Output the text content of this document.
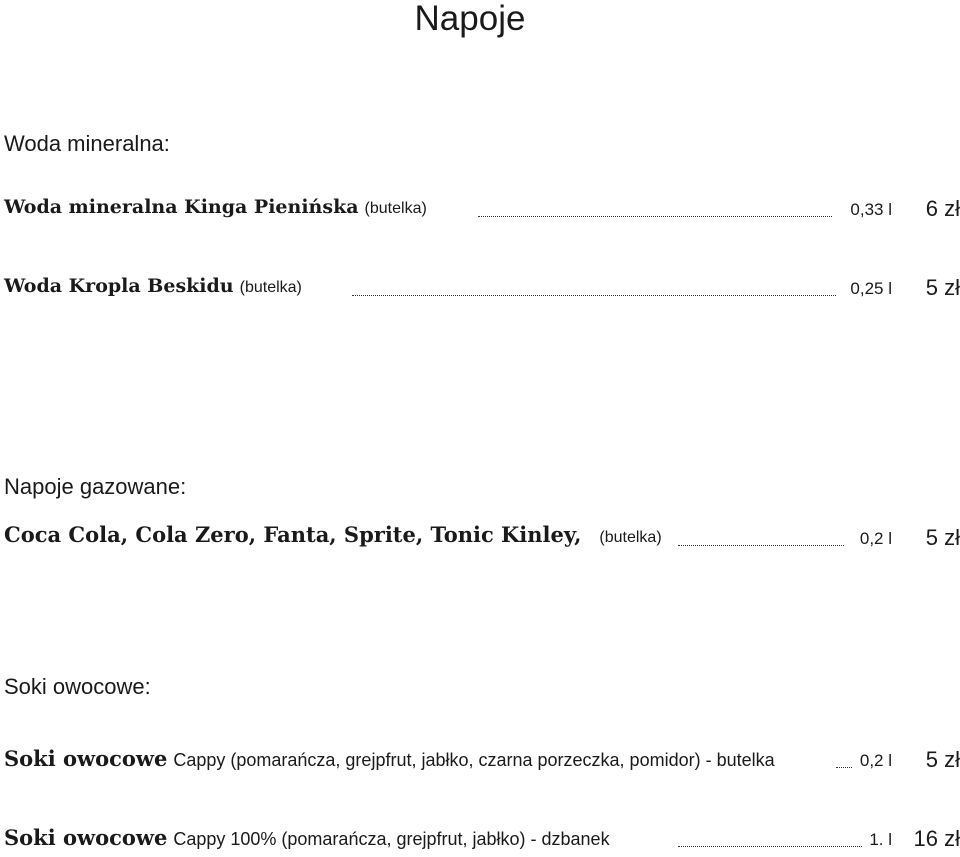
Napoje
Woda mineralna:
Woda mineralna Kinga Pienińska (butelka)	0,33 l 6 zł
Woda Kropla Beskidu (butelka)	0,25 l 5 zł
Napoje gazowane:
Coca Cola, Cola Zero, Fanta, Sprite, Tonic Kinley, (butelka)	0,2 l 5 zł
Soki owocowe:
Soki owocowe Cappy (pomarańcza, grejpfrut, jabłko, czarna porzeczka, pomidor) - butelka	0,2 l 5 zł
Soki owocowe Cappy 100% (pomarańcza, grejpfrut, jabłko) - dzbanek	1. l 16 zł
